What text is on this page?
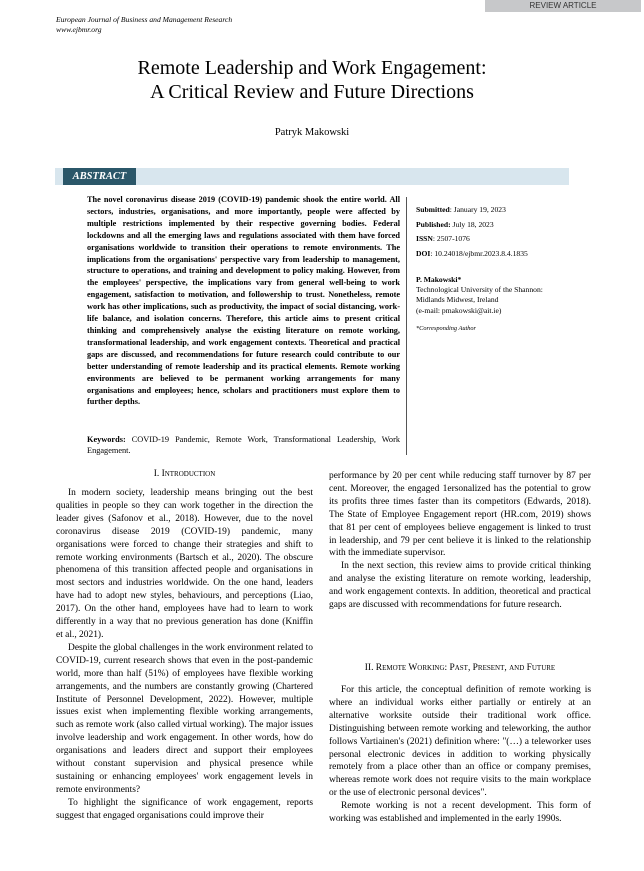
REVIEW ARTICLE
European Journal of Business and Management Research
www.ejbmr.org
Remote Leadership and Work Engagement:
A Critical Review and Future Directions
Patryk Makowski
ABSTRACT
The novel coronavirus disease 2019 (COVID-19) pandemic shook the entire world. All sectors, industries, organisations, and more importantly, people were affected by multiple restrictions implemented by their respective governing bodies. Federal lockdowns and all the emerging laws and regulations associated with them have forced organisations worldwide to transition their operations to remote environments. The implications from the organisations' perspective vary from leadership to management, structure to operations, and training and development to policy making. However, from the employees' perspective, the implications vary from general well-being to work engagement, satisfaction to motivation, and followership to trust. Nonetheless, remote work has other implications, such as productivity, the impact of social distancing, work-life balance, and isolation concerns. Therefore, this article aims to present critical thinking and comprehensively analyse the existing literature on remote working, transformational leadership, and work engagement contexts. Theoretical and practical gaps are discussed, and recommendations for future research could contribute to our better understanding of remote leadership and its practical elements. Remote working environments are believed to be permanent working arrangements for many organisations and employees; hence, scholars and practitioners must explore them to further depths.
Submitted: January 19, 2023
Published: July 18, 2023
ISSN: 2507-1076
DOI: 10.24018/ejbmr.2023.8.4.1835
P. Makowski*
Technological University of the Shannon:
Midlands Midwest, Ireland
(e-mail: pmakowski@ait.ie)
*Corresponding Author
Keywords: COVID-19 Pandemic, Remote Work, Transformational Leadership, Work Engagement.
I. Introduction

In modern society, leadership means bringing out the best qualities in people so they can work together in the direction the leader gives (Safonov et al., 2018). However, due to the novel coronavirus disease 2019 (COVID-19) pandemic, many organisations were forced to change their strategies and shift to remote working environments (Bartsch et al., 2020). The obscure phenomena of this transition affected people and organisations in most sectors and industries worldwide. On the one hand, leaders have had to adopt new styles, behaviours, and perceptions (Liao, 2017). On the other hand, employees have had to learn to work differently in a way that no previous generation has done (Kniffin et al., 2021).

Despite the global challenges in the work environment related to COVID-19, current research shows that even in the post-pandemic world, more than half (51%) of employees have flexible working arrangements, and the numbers are constantly growing (Chartered Institute of Personnel Development, 2022). However, multiple issues exist when implementing flexible working arrangements, such as remote work (also called virtual working). The major issues involve leadership and work engagement. In other words, how do organisations and leaders direct and support their employees without constant supervision and physical presence while sustaining or enhancing employees' work engagement levels in remote environments?

To highlight the significance of work engagement, reports suggest that engaged organisations could improve their

performance by 20 per cent while reducing staff turnover by 87 per cent. Moreover, the engaged 1ersonalized has the potential to grow its profits three times faster than its competitors (Edwards, 2018). The State of Employee Engagement report (HR.com, 2019) shows that 81 per cent of employees believe engagement is linked to trust in leadership, and 79 per cent believe it is linked to the relationship with the immediate supervisor.

In the next section, this review aims to provide critical thinking and analyse the existing literature on remote working, leadership, and work engagement contexts. In addition, theoretical and practical gaps are discussed with recommendations for future research.

II. Remote Working: Past, Present, and Future

For this article, the conceptual definition of remote working is where an individual works either partially or entirely at an alternative worksite outside their traditional work office. Distinguishing between remote working and teleworking, the author follows Vartiainen's (2021) definition where: "(…) a teleworker uses personal electronic devices in addition to working physically remotely from a place other than an office or company premises, whereas remote work does not require visits to the main workplace or the use of electronic personal devices".

Remote working is not a recent development. This form of working was established and implemented in the early 1990s.
